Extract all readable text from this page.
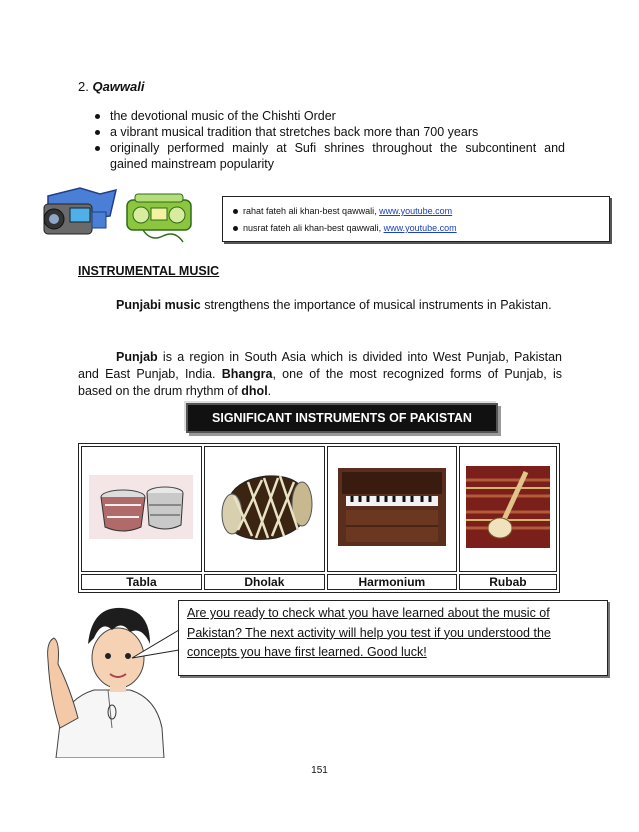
2. Qawwali
the devotional music of the Chishti Order
a vibrant musical tradition that stretches back more than 700 years
originally performed mainly at Sufi shrines throughout the subcontinent and gained mainstream popularity
rahat fateh ali khan-best qawwali, www.youtube.com
nusrat fateh ali khan-best qawwali, www.youtube.com
INSTRUMENTAL MUSIC
Punjabi music strengthens the importance of musical instruments in Pakistan.
Punjab is a region in South Asia which is divided into West Punjab, Pakistan and East Punjab, India. Bhangra, one of the most recognized forms of Punjab, is based on the drum rhythm of dhol.
SIGNIFICANT INSTRUMENTS OF PAKISTAN

Tabla	Dholak	Harmonium	Rubab
Are you ready to check what you have learned about the music of Pakistan? The next activity will help you test if you understood the concepts you have first learned. Good luck!
151
